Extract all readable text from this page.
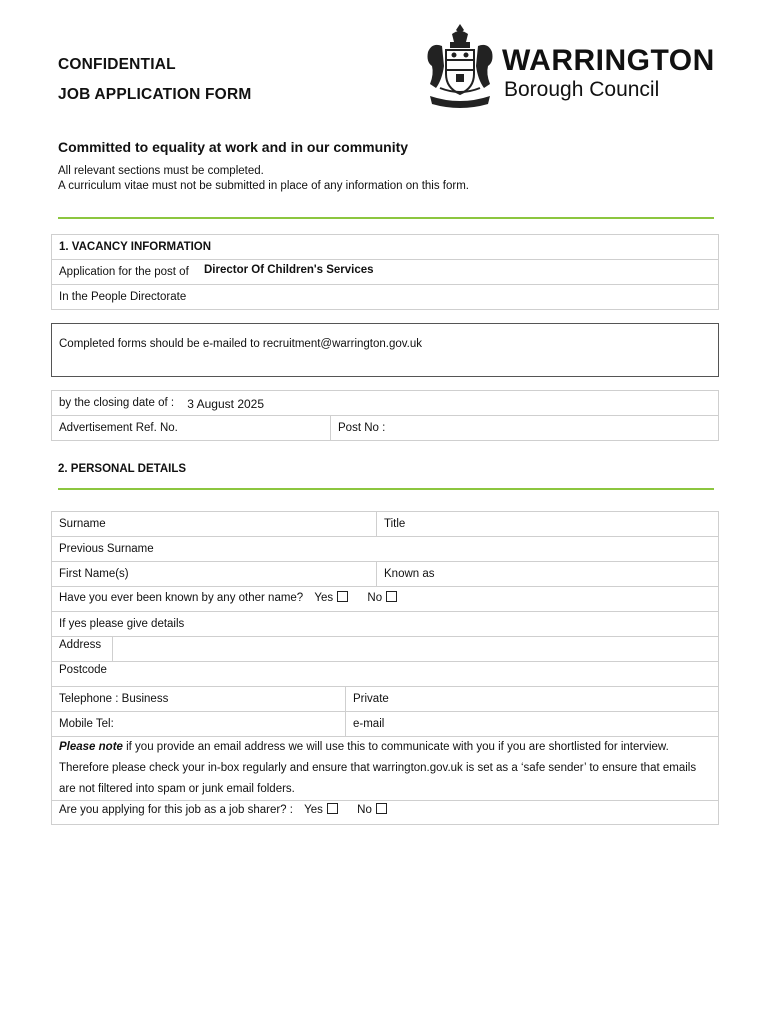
CONFIDENTIAL
JOB APPLICATION FORM
WARRINGTON
Borough Council
Committed to equality at work and in our community
All relevant sections must be completed.
A curriculum vitae must not be submitted in place of any information on this form.
1. VACANCY INFORMATION
Application for the post of Director Of Children's Services
In the People Directorate
Completed forms should be e-mailed to recruitment@warrington.gov.uk
by the closing date of : 3 August 2025
Advertisement Ref. No.	Post No :
2. PERSONAL DETAILS
Surname	Title
Previous Surname
First Name(s)	Known as
Have you ever been known by any other name? Yes	No
If yes please give details
Address
Postcode
Telephone : Business	Private
Mobile Tel:	e-mail
Please note if you provide an email address we will use this to communicate with you if you are shortlisted for interview. Therefore please check your in-box regularly and ensure that warrington.gov.uk is set as a ‘safe sender’ to ensure that emails are not filtered into spam or junk email folders.
Are you applying for this job as a job sharer? : Yes	No
